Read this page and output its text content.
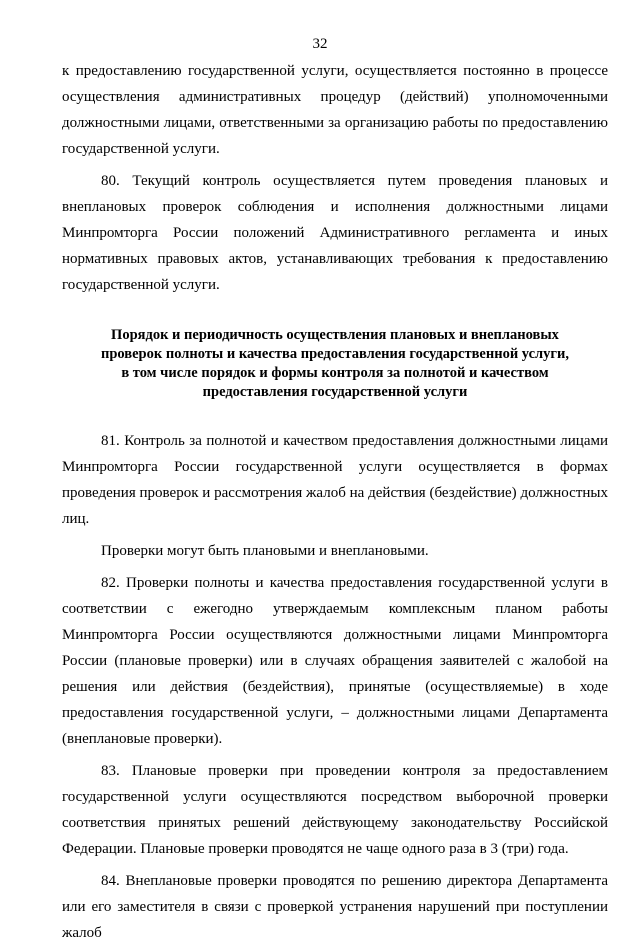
32

к предоставлению государственной услуги, осуществляется постоянно в процессе осуществления административных процедур (действий) уполномоченными должностными лицами, ответственными за организацию работы по предоставлению государственной услуги.

80. Текущий контроль осуществляется путем проведения плановых и внеплановых проверок соблюдения и исполнения должностными лицами Минпромторга России положений Административного регламента и иных нормативных правовых актов, устанавливающих требования к предоставлению государственной услуги.

Порядок и периодичность осуществления плановых и внеплановых
проверок полноты и качества предоставления государственной услуги,
в том числе порядок и формы контроля за полнотой и качеством
предоставления государственной услуги

81. Контроль за полнотой и качеством предоставления должностными лицами Минпромторга России государственной услуги осуществляется в формах проведения проверок и рассмотрения жалоб на действия (бездействие) должностных лиц.

Проверки могут быть плановыми и внеплановыми.

82. Проверки полноты и качества предоставления государственной услуги в соответствии с ежегодно утверждаемым комплексным планом работы Минпромторга России осуществляются должностными лицами Минпромторга России (плановые проверки) или в случаях обращения заявителей с жалобой на решения или действия (бездействия), принятые (осуществляемые) в ходе предоставления государственной услуги, – должностными лицами Департамента (внеплановые проверки).

83. Плановые проверки при проведении контроля за предоставлением государственной услуги осуществляются посредством выборочной проверки соответствия принятых решений действующему законодательству Российской Федерации. Плановые проверки проводятся не чаще одного раза в 3 (три) года.

84. Внеплановые проверки проводятся по решению директора Департамента или его заместителя в связи с проверкой устранения нарушений при поступлении жалоб
